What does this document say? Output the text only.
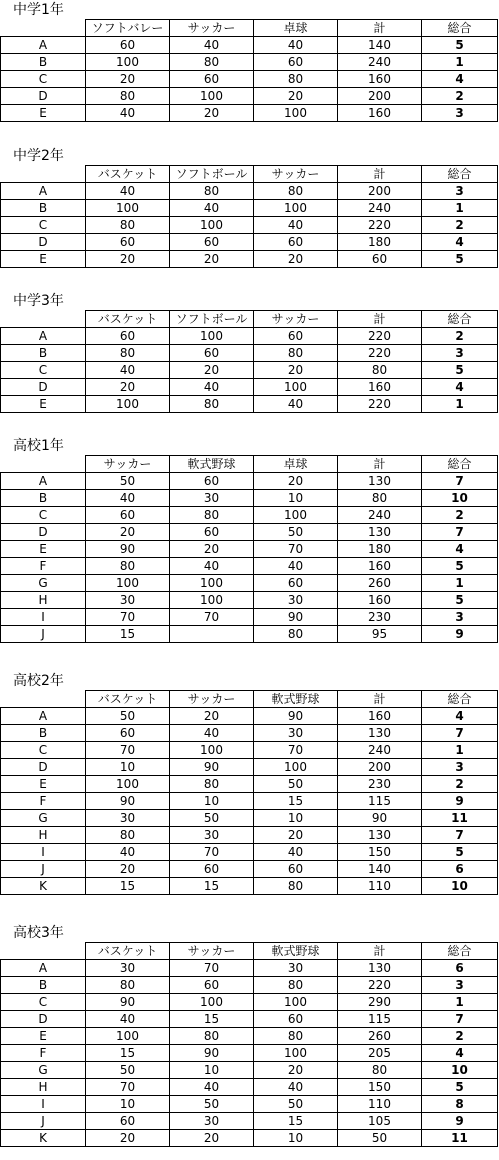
中学1年
	ソフトバレー	サッカー	卓球	計	総合
A	60	40	40	140	5
B	100	80	60	240	1
C	20	60	80	160	4
D	80	100	20	200	2
E	40	20	100	160	3
中学2年
	バスケット	ソフトボール	サッカー	計	総合
A	40	80	80	200	3
B	100	40	100	240	1
C	80	100	40	220	2
D	60	60	60	180	4
E	20	20	20	60	5
中学3年
	バスケット	ソフトボール	サッカー	計	総合
A	60	100	60	220	2
B	80	60	80	220	3
C	40	20	20	80	5
D	20	40	100	160	4
E	100	80	40	220	1
高校1年
	サッカー	軟式野球	卓球	計	総合
A	50	60	20	130	7
B	40	30	10	80	10
C	60	80	100	240	2
D	20	60	50	130	7
E	90	20	70	180	4
F	80	40	40	160	5
G	100	100	60	260	1
H	30	100	30	160	5
I	70	70	90	230	3
J	15		80	95	9
高校2年
	バスケット	サッカー	軟式野球	計	総合
A	50	20	90	160	4
B	60	40	30	130	7
C	70	100	70	240	1
D	10	90	100	200	3
E	100	80	50	230	2
F	90	10	15	115	9
G	30	50	10	90	11
H	80	30	20	130	7
I	40	70	40	150	5
J	20	60	60	140	6
K	15	15	80	110	10
高校3年
	バスケット	サッカー	軟式野球	計	総合
A	30	70	30	130	6
B	80	60	80	220	3
C	90	100	100	290	1
D	40	15	60	115	7
E	100	80	80	260	2
F	15	90	100	205	4
G	50	10	20	80	10
H	70	40	40	150	5
I	10	50	50	110	8
J	60	30	15	105	9
K	20	20	10	50	11
